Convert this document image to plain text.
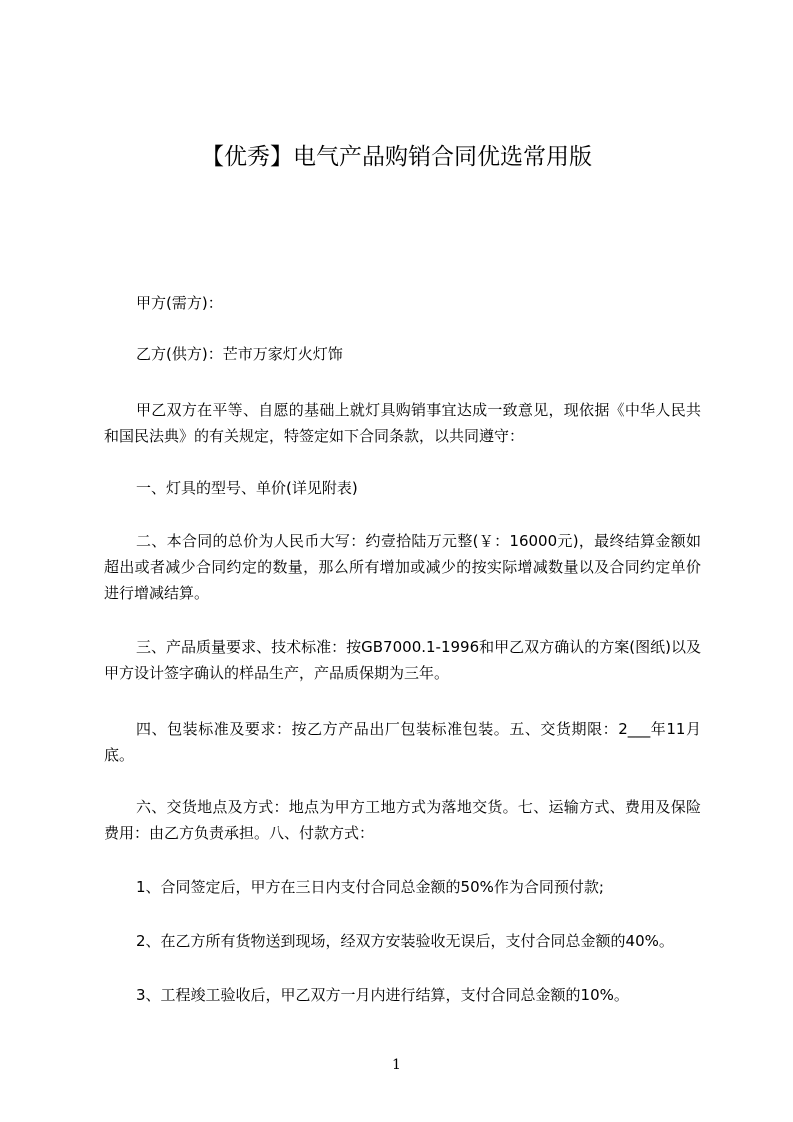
【优秀】电气产品购销合同优选常用版
甲方(需方)：
乙方(供方)：芒市万家灯火灯饰
甲乙双方在平等、自愿的基础上就灯具购销事宜达成一致意见，现依据《中华人民共和国民法典》的有关规定，特签定如下合同条款，以共同遵守：
一、灯具的型号、单价(详见附表)
二、本合同的总价为人民币大写：约壹拾陆万元整(￥：16000元)，最终结算金额如超出或者减少合同约定的数量，那么所有增加或减少的按实际增减数量以及合同约定单价进行增减结算。
三、产品质量要求、技术标准：按GB7000.1-1996和甲乙双方确认的方案(图纸)以及甲方设计签字确认的样品生产，产品质保期为三年。
四、包装标准及要求：按乙方产品出厂包装标准包装。五、交货期限：2___年11月底。
六、交货地点及方式：地点为甲方工地方式为落地交货。七、运输方式、费用及保险费用：由乙方负责承担。八、付款方式：
1、合同签定后，甲方在三日内支付合同总金额的50%作为合同预付款;
2、在乙方所有货物送到现场，经双方安装验收无误后，支付合同总金额的40%。
3、工程竣工验收后，甲乙双方一月内进行结算，支付合同总金额的10%。
1
